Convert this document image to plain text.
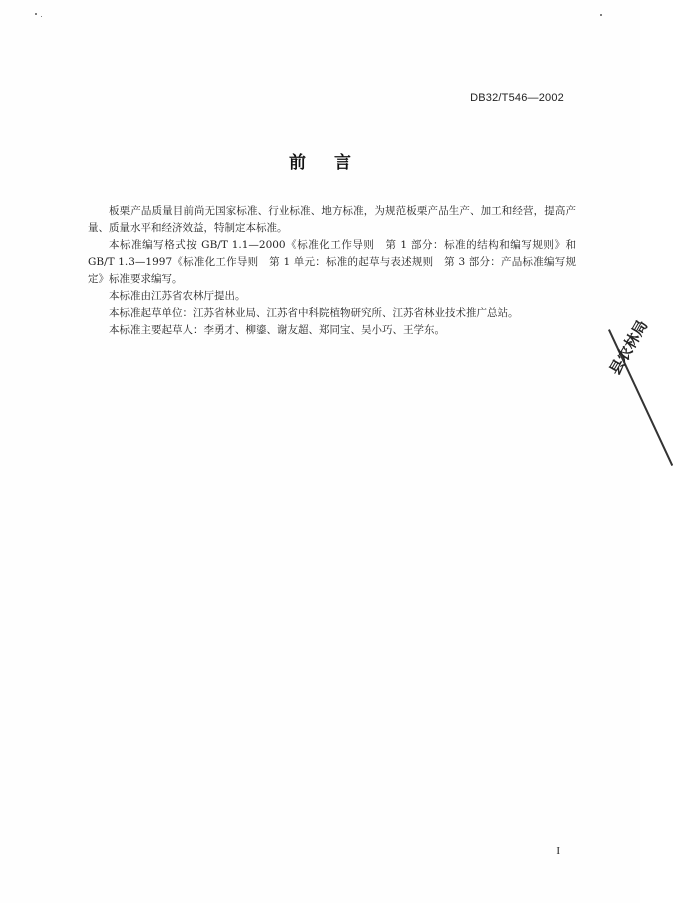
DB32/T546—2002
前言

板栗产品质量目前尚无国家标准、行业标准、地方标准，为规范板栗产品生产、加工和经营，提高产量、质量水平和经济效益，特制定本标准。

本标准编写格式按 GB/T 1.1—2000《标准化工作导则　第 1 部分：标准的结构和编写规则》和 GB/T 1.3—1997《标准化工作导则　第 1 单元：标准的起草与表述规则　第 3 部分：产品标准编写规定》标准要求编写。

本标准由江苏省农林厅提出。

本标准起草单位：江苏省林业局、江苏省中科院植物研究所、江苏省林业技术推广总站。

本标准主要起草人：李勇才、柳鎏、谢友超、郑同宝、吴小巧、王学东。	县农林局
I
